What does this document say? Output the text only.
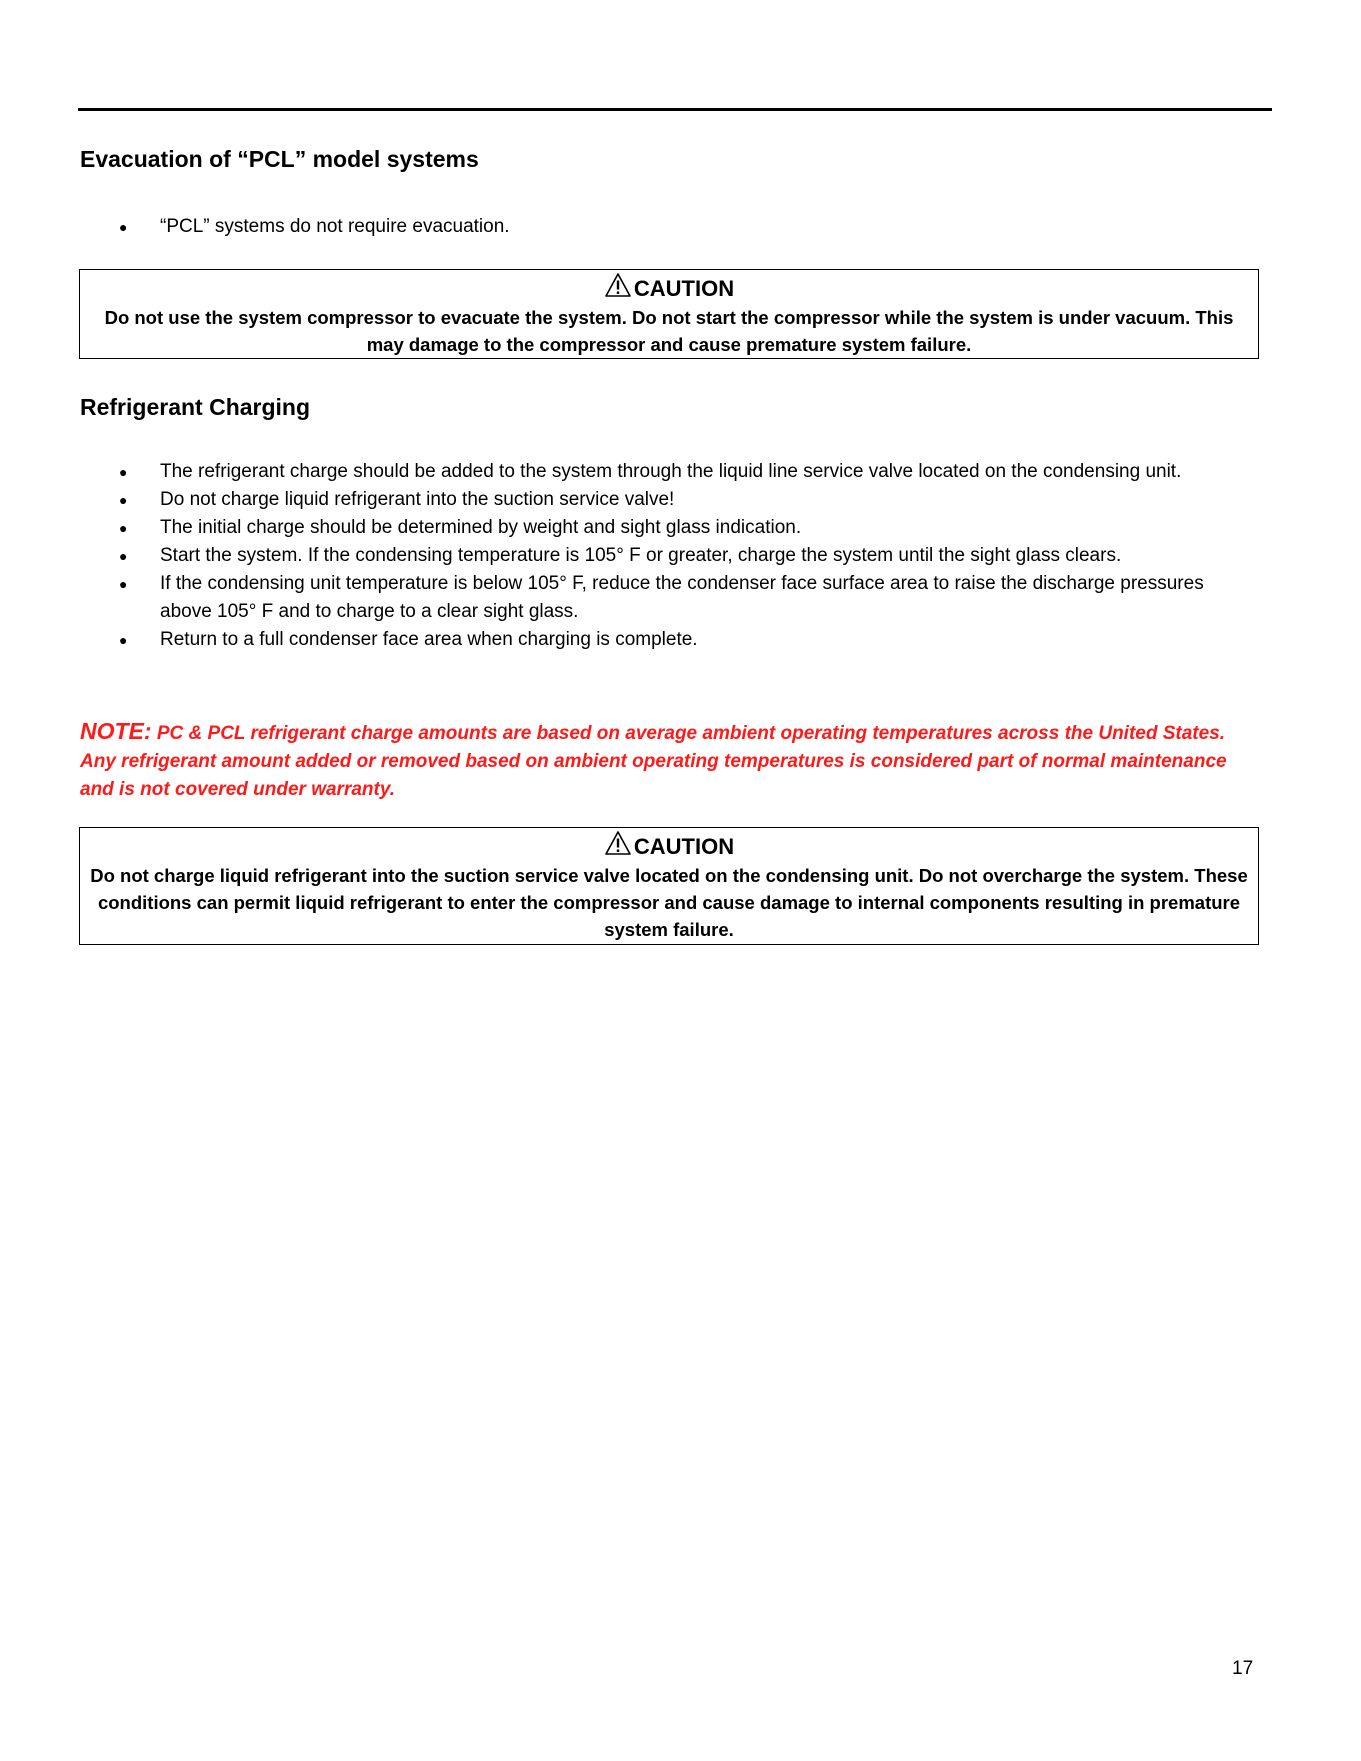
Evacuation of “PCL” model systems
● “PCL” systems do not require evacuation.
CAUTION
Do not use the system compressor to evacuate the system. Do not start the compressor while the system is under vacuum. This may damage to the compressor and cause premature system failure.
Refrigerant Charging
● The refrigerant charge should be added to the system through the liquid line service valve located on the condensing unit.
● Do not charge liquid refrigerant into the suction service valve!
● The initial charge should be determined by weight and sight glass indication.
● Start the system. If the condensing temperature is 105° F or greater, charge the system until the sight glass clears.
● If the condensing unit temperature is below 105° F, reduce the condenser face surface area to raise the discharge pressures above 105° F and to charge to a clear sight glass.
● Return to a full condenser face area when charging is complete.

NOTE: PC & PCL refrigerant charge amounts are based on average ambient operating temperatures across the United States. Any refrigerant amount added or removed based on ambient operating temperatures is considered part of normal maintenance and is not covered under warranty.

CAUTION
Do not charge liquid refrigerant into the suction service valve located on the condensing unit. Do not overcharge the system. These conditions can permit liquid refrigerant to enter the compressor and cause damage to internal components resulting in premature system failure.
17
